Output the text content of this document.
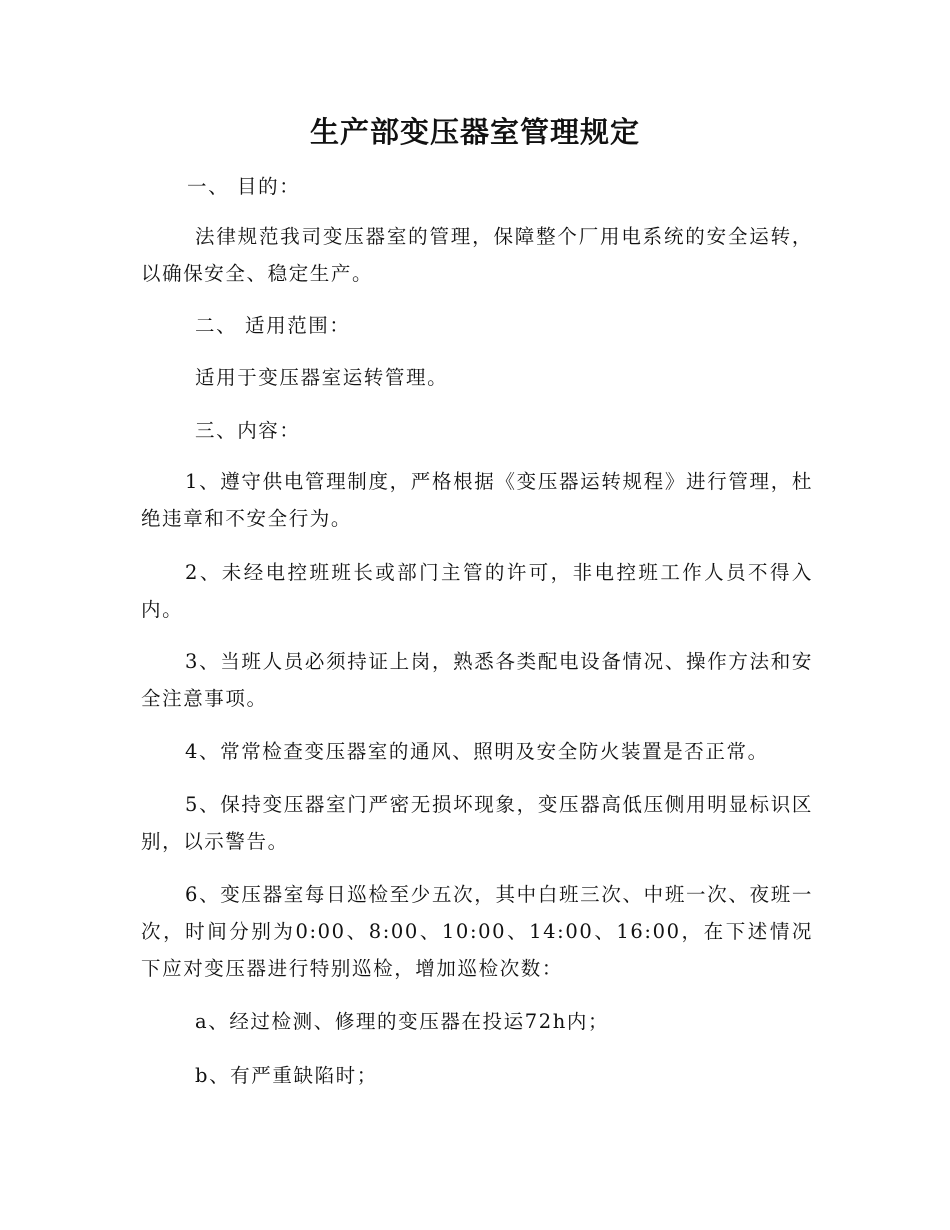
生产部变压器室管理规定

一、 目的：

法律规范我司变压器室的管理，保障整个厂用电系统的安全运转，以确保安全、稳定生产。

二、 适用范围：

适用于变压器室运转管理。

三、内容：

1、遵守供电管理制度，严格根据《变压器运转规程》进行管理，杜绝违章和不安全行为。

2、未经电控班班长或部门主管的许可，非电控班工作人员不得入内。

3、当班人员必须持证上岗，熟悉各类配电设备情况、操作方法和安全注意事项。

4、常常检查变压器室的通风、照明及安全防火装置是否正常。

5、保持变压器室门严密无损坏现象，变压器高低压侧用明显标识区别，以示警告。

6、变压器室每日巡检至少五次，其中白班三次、中班一次、夜班一次，时间分别为0:00、8:00、10:00、14:00、16:00，在下述情况下应对变压器进行特别巡检，增加巡检次数：

a、经过检测、修理的变压器在投运72h内；

b、有严重缺陷时；
